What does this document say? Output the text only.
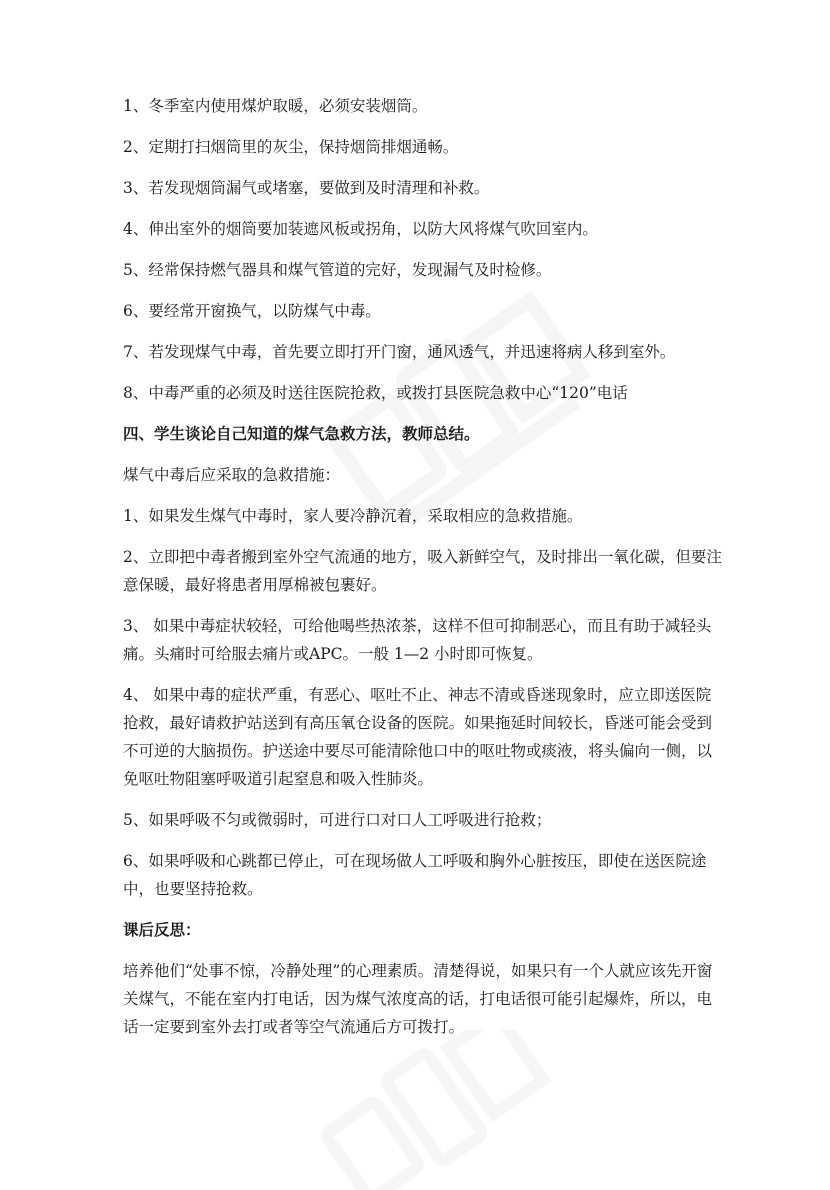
1、冬季室内使用煤炉取暖，必须安装烟筒。

2、定期打扫烟筒里的灰尘，保持烟筒排烟通畅。

3、若发现烟筒漏气或堵塞，要做到及时清理和补救。

4、伸出室外的烟筒要加装遮风板或拐角，以防大风将煤气吹回室内。

5、经常保持燃气器具和煤气管道的完好，发现漏气及时检修。

6、要经常开窗换气，以防煤气中毒。

7、若发现煤气中毒，首先要立即打开门窗，通风透气，并迅速将病人移到室外。

8、中毒严重的必须及时送往医院抢救，或拨打县医院急救中心“120”电话

四、学生谈论自己知道的煤气急救方法，教师总结。

煤气中毒后应采取的急救措施：

1、如果发生煤气中毒时，家人要冷静沉着，采取相应的急救措施。

2、立即把中毒者搬到室外空气流通的地方，吸入新鲜空气，及时排出一氧化碳，但要注意保暖，最好将患者用厚棉被包裹好。

3、 如果中毒症状较轻，可给他喝些热浓茶，这样不但可抑制恶心，而且有助于减轻头痛。头痛时可给服去痛片或APC。一般 1—2 小时即可恢复。

4、 如果中毒的症状严重，有恶心、呕吐不止、神志不清或昏迷现象时，应立即送医院抢救，最好请救护站送到有高压氧仓设备的医院。如果拖延时间较长，昏迷可能会受到不可逆的大脑损伤。护送途中要尽可能清除他口中的呕吐物或痰液，将头偏向一侧，以免呕吐物阻塞呼吸道引起窒息和吸入性肺炎。

5、如果呼吸不匀或微弱时，可进行口对口人工呼吸进行抢救；

6、如果呼吸和心跳都已停止，可在现场做人工呼吸和胸外心脏按压，即使在送医院途中，也要坚持抢救。

课后反思：

培养他们“处事不惊，冷静处理”的心理素质。清楚得说，如果只有一个人就应该先开窗关煤气，不能在室内打电话，因为煤气浓度高的话，打电话很可能引起爆炸，所以，电话一定要到室外去打或者等空气流通后方可拨打。
